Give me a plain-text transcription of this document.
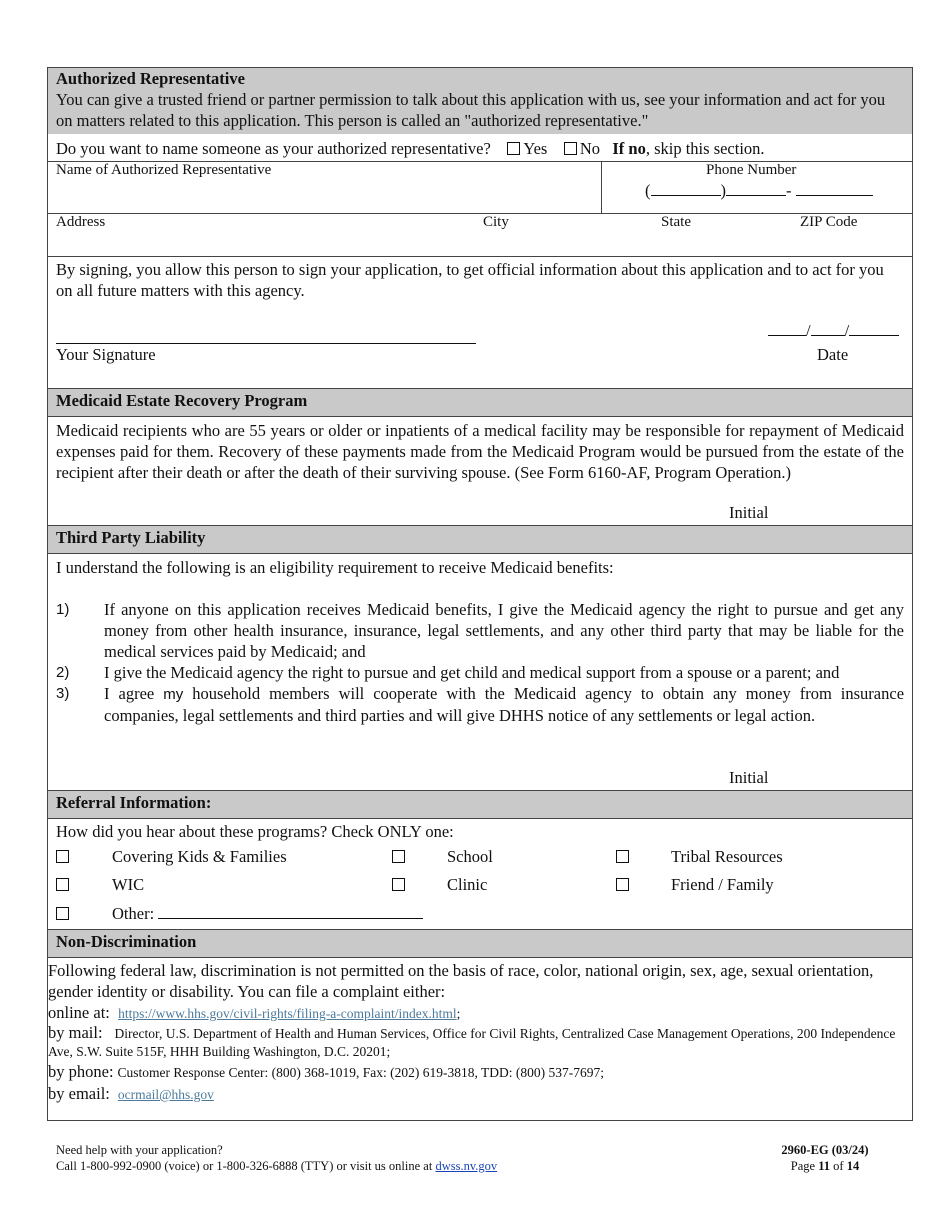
Authorized Representative
You can give a trusted friend or partner permission to talk about this application with us, see your information and act for you on matters related to this application. This person is called an "authorized representative."
Do you want to name someone as your authorized representative? Yes No If no, skip this section.
Name of Authorized Representative	Phone Number
(	)	-
Address	City	State	ZIP Code
By signing, you allow this person to sign your application, to get official information about this application and to act for you on all future matters with this agency.
Your Signature
/ /
Date
Medicaid Estate Recovery Program
Medicaid recipients who are 55 years or older or inpatients of a medical facility may be responsible for repayment of Medicaid expenses paid for them. Recovery of these payments made from the Medicaid Program would be pursued from the estate of the recipient after their death or after the death of their surviving spouse. (See Form 6160-AF, Program Operation.)
Initial
Third Party Liability
I understand the following is an eligibility requirement to receive Medicaid benefits:
1) If anyone on this application receives Medicaid benefits, I give the Medicaid agency the right to pursue and get any money from other health insurance, insurance, legal settlements, and any other third party that may be liable for the medical services paid by Medicaid; and
2) I give the Medicaid agency the right to pursue and get child and medical support from a spouse or a parent; and
3) I agree my household members will cooperate with the Medicaid agency to obtain any money from insurance companies, legal settlements and third parties and will give DHHS notice of any settlements or legal action.
Initial
Referral Information:
How did you hear about these programs? Check ONLY one:
Covering Kids & Families	School	Tribal Resources
WIC	Clinic	Friend / Family
Other:
Non-Discrimination
Following federal law, discrimination is not permitted on the basis of race, color, national origin, sex, age, sexual orientation, gender identity or disability. You can file a complaint either:
online at: https://www.hhs.gov/civil-rights/filing-a-complaint/index.html;
by mail: Director, U.S. Department of Health and Human Services, Office for Civil Rights, Centralized Case Management Operations, 200 Independence Ave, S.W. Suite 515F, HHH Building Washington, D.C. 20201;
by phone: Customer Response Center: (800) 368-1019, Fax: (202) 619-3818, TDD: (800) 537-7697;
by email: ocrmail@hhs.gov
Need help with your application?
Call 1-800-992-0900 (voice) or 1-800-326-6888 (TTY) or visit us online at dwss.nv.gov
2960-EG (03/24)
Page 11 of 14
